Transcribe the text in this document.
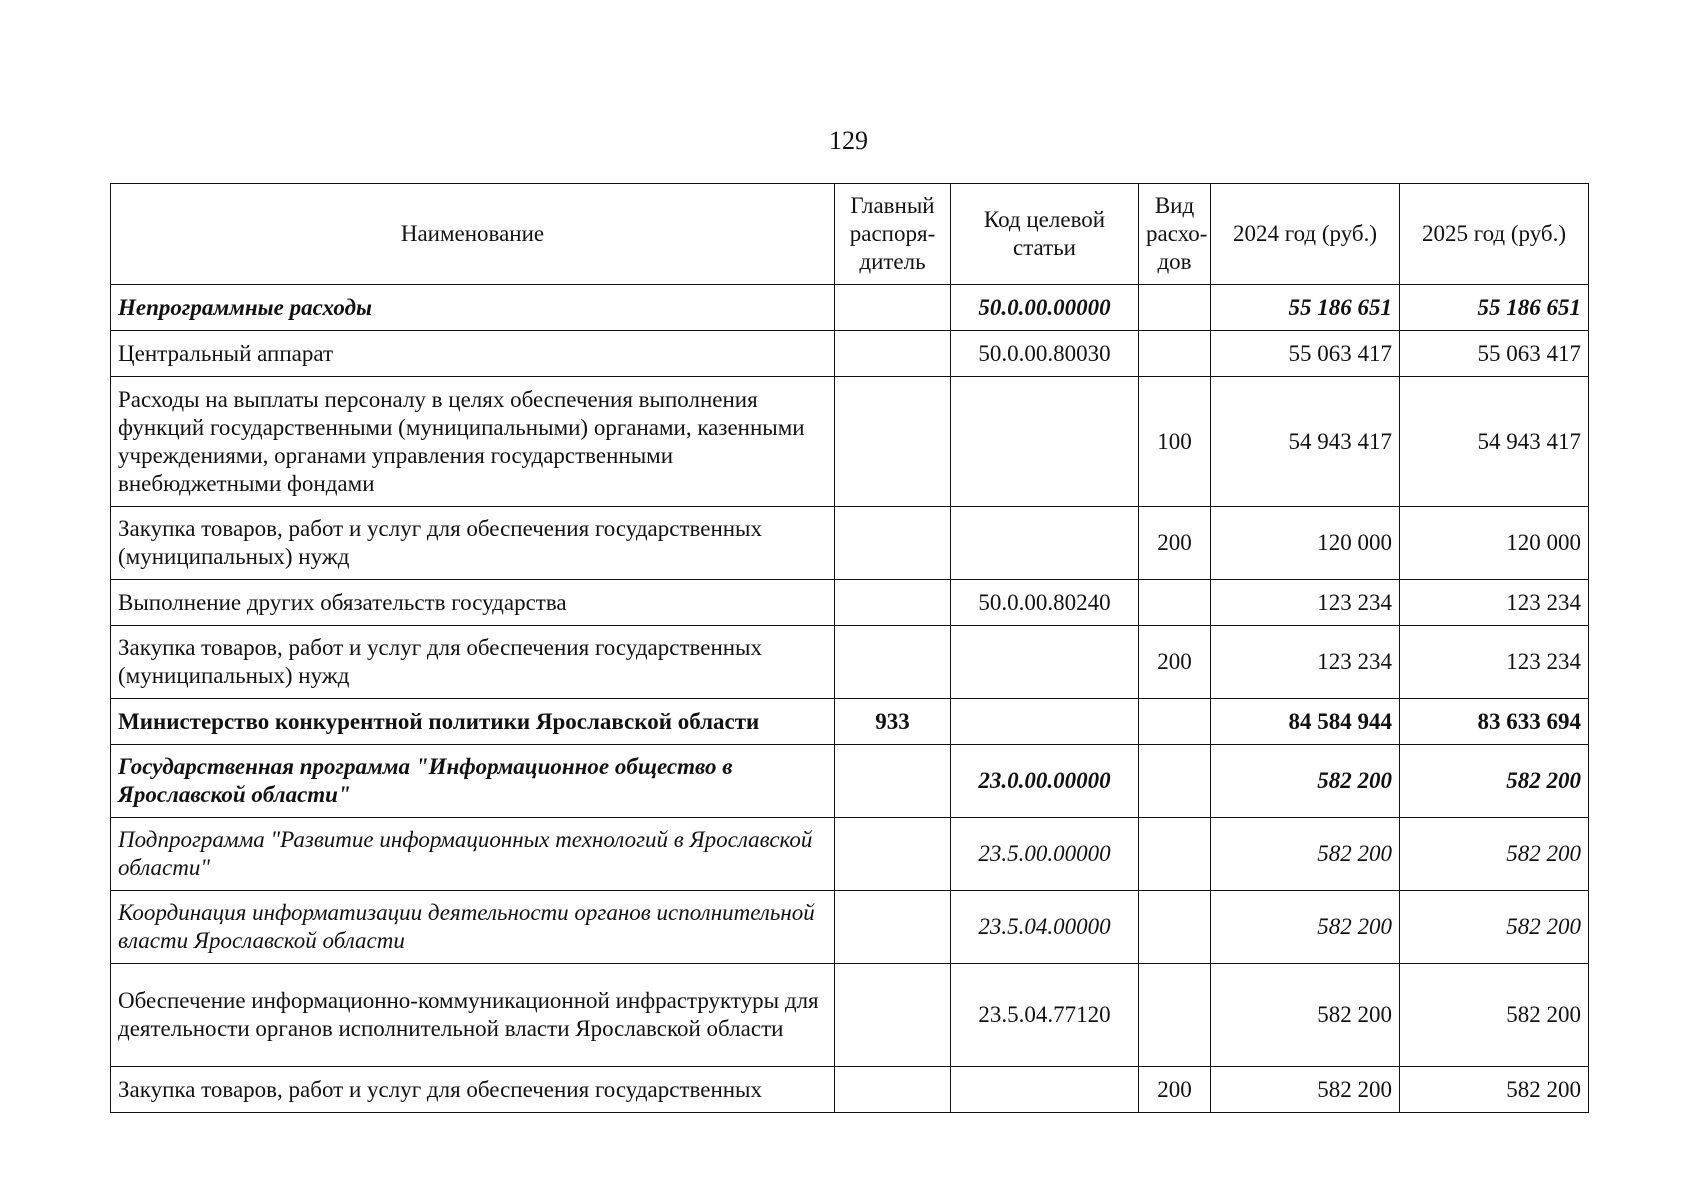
129
Наименование	Главный распоря-дитель	Код целевой статьи	Вид расхо-дов	2024 год (руб.)	2025 год (руб.)
Непрограммные расходы		50.0.00.00000		55 186 651	55 186 651
Центральный аппарат		50.0.00.80030		55 063 417	55 063 417
Расходы на выплаты персоналу в целях обеспечения выполнения функций государственными (муниципальными) органами, казенными учреждениями, органами управления государственными внебюджетными фондами			100	54 943 417	54 943 417
Закупка товаров, работ и услуг для обеспечения государственных (муниципальных) нужд			200	120 000	120 000
Выполнение других обязательств государства		50.0.00.80240		123 234	123 234
Закупка товаров, работ и услуг для обеспечения государственных (муниципальных) нужд			200	123 234	123 234
Министерство конкурентной политики Ярославской области	933			84 584 944	83 633 694
Государственная программа "Информационное общество в Ярославской области"		23.0.00.00000		582 200	582 200
Подпрограмма "Развитие информационных технологий в Ярославской области"		23.5.00.00000		582 200	582 200
Координация информатизации деятельности органов исполнительной власти Ярославской области		23.5.04.00000		582 200	582 200
Обеспечение информационно-коммуникационной инфраструктуры для деятельности органов исполнительной власти Ярославской области		23.5.04.77120		582 200	582 200
Закупка товаров, работ и услуг для обеспечения государственных			200	582 200	582 200
